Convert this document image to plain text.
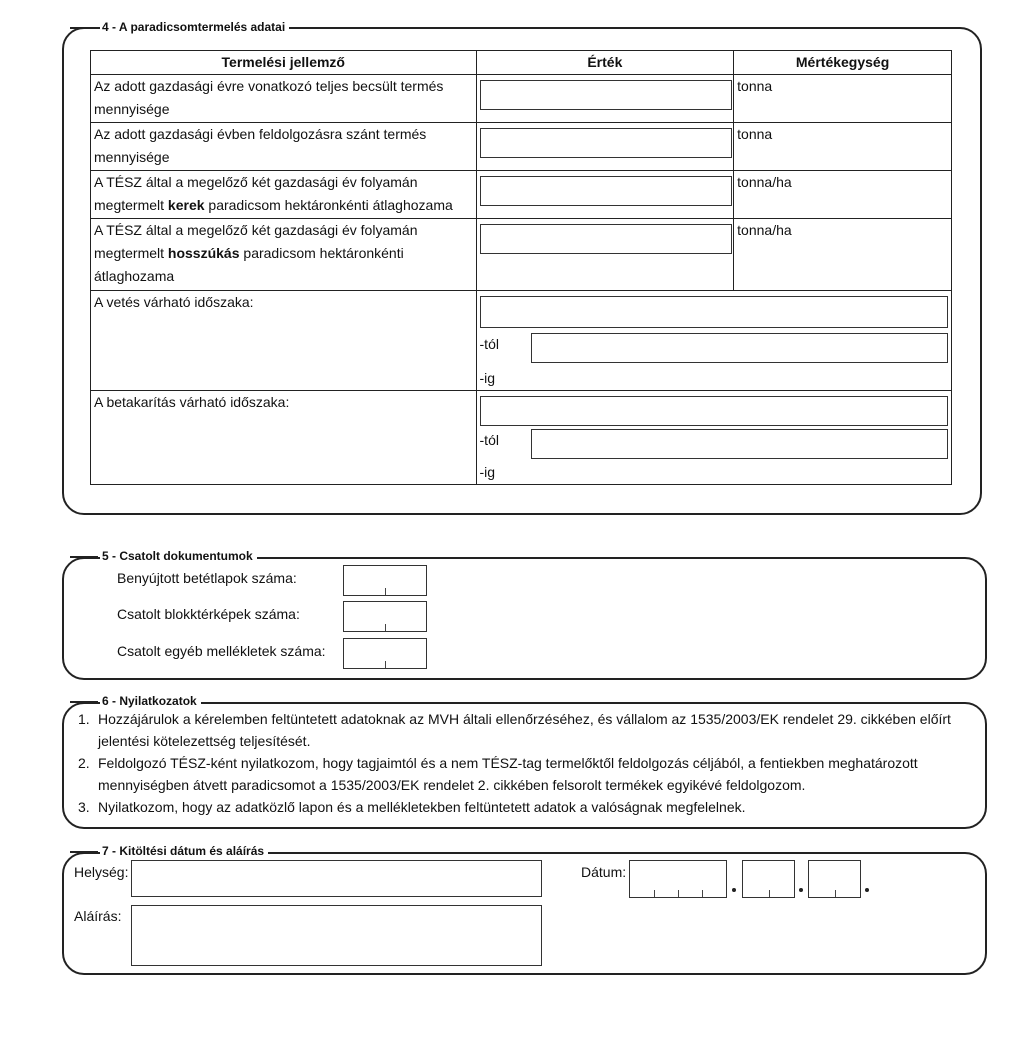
4 - A paradicsomtermelés adatai
Termelési jellemző	Érték	Mértékegység

Az adott gazdasági évre vonatkozó teljes becsült termés
mennyisége		tonna

Az adott gazdasági évben feldolgozásra szánt termés
mennyisége		tonna

A TÉSZ által a megelőző két gazdasági év folyamán
megtermelt kerek paradicsom hektáronkénti átlaghozama		tonna/ha

A TÉSZ által a megelőző két gazdasági év folyamán
megtermelt hosszúkás paradicsom hektáronkénti
átlaghozama		tonna/ha

A vetés várható időszaka:	-tól
-ig	

A betakarítás várható időszaka:	-tól
-ig	
5 - Csatolt dokumentumok
Benyújtott betétlapok száma:
Csatolt blokktérképek száma:
Csatolt egyéb mellékletek száma:
6 - Nyilatkozatok
1. Hozzájárulok a kérelemben feltüntetett adatoknak az MVH általi ellenőrzéséhez, és vállalom az 1535/2003/EK rendelet 29. cikkében előírt
jelentési kötelezettség teljesítését.
2. Feldolgozó TÉSZ-ként nyilatkozom, hogy tagjaimtól és a nem TÉSZ-tag termelőktől feldolgozás céljából, a fentiekben meghatározott
mennyiségben átvett paradicsomot a 1535/2003/EK rendelet 2. cikkében felsorolt termékek egyikévé feldolgozom.
3. Nyilatkozom, hogy az adatközlő lapon és a mellékletekben feltüntetett adatok a valóságnak megfelelnek.
7 - Kitöltési dátum és aláírás
Helység:
Aláírás:
Dátum:
